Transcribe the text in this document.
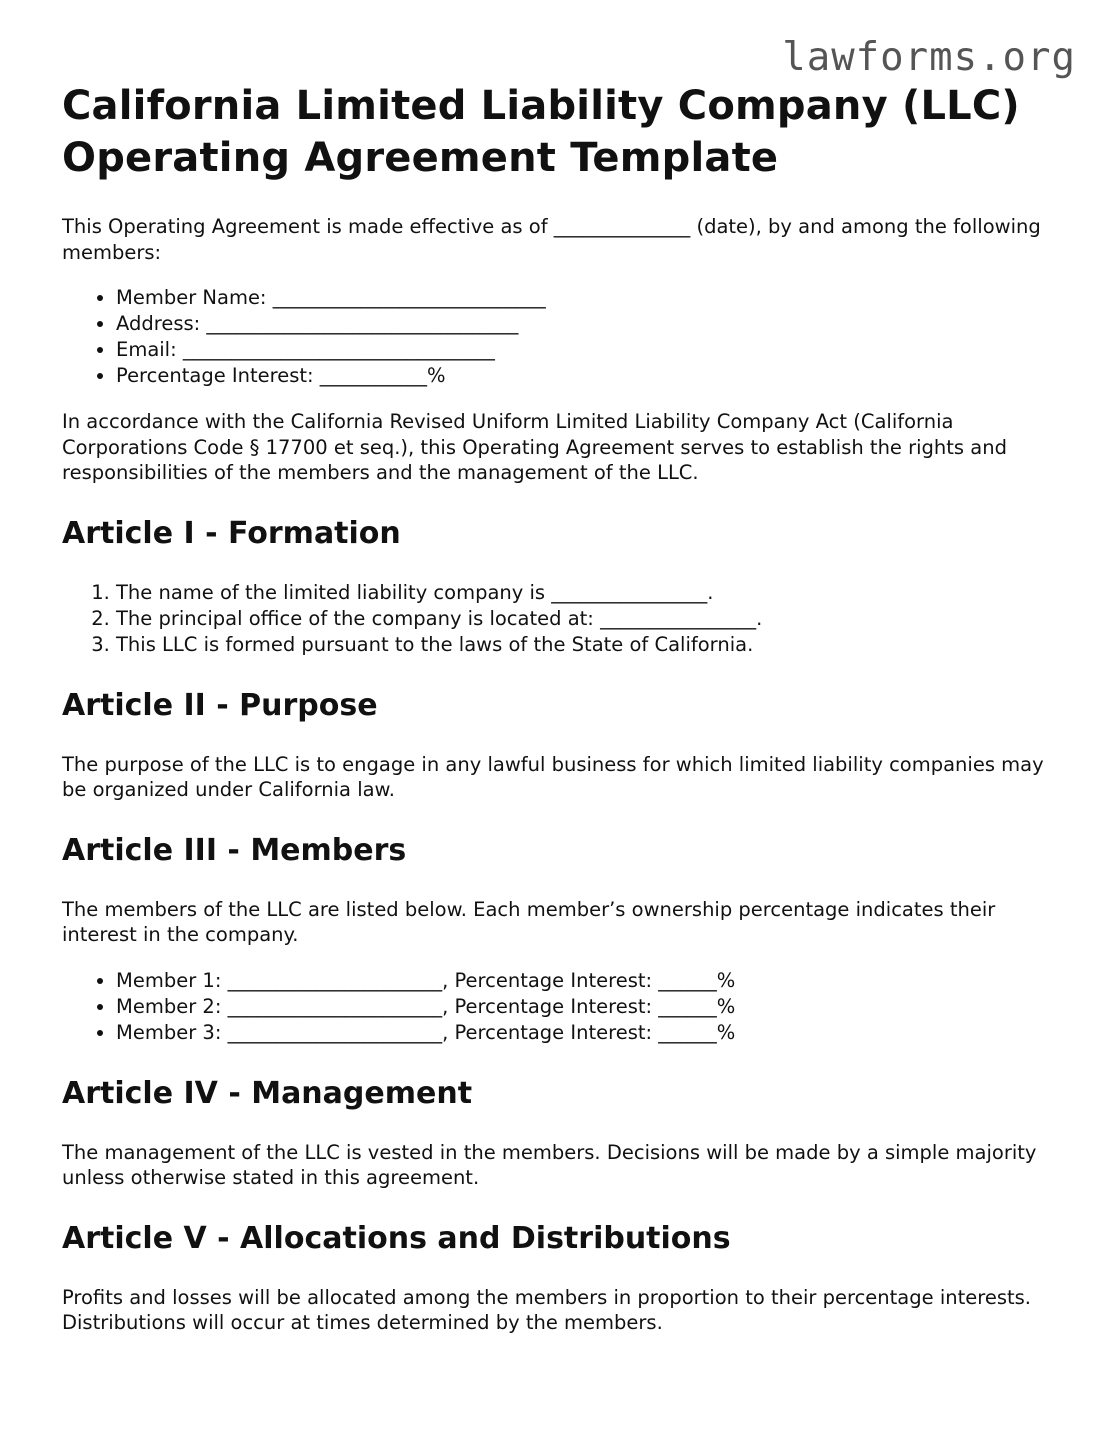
lawforms.org
California Limited Liability Company (LLC) Operating Agreement Template

This Operating Agreement is made effective as of ______________ (date), by and among the following members:

• Member Name: ____________________________
• Address: ________________________________
• Email: ________________________________
• Percentage Interest: ___________%

In accordance with the California Revised Uniform Limited Liability Company Act (California Corporations Code § 17700 et seq.), this Operating Agreement serves to establish the rights and responsibilities of the members and the management of the LLC.

Article I - Formation
1. The name of the limited liability company is ________________.
2. The principal office of the company is located at: ________________.
3. This LLC is formed pursuant to the laws of the State of California.
Article II - Purpose

The purpose of the LLC is to engage in any lawful business for which limited liability companies may be organized under California law.

Article III - Members

The members of the LLC are listed below. Each member’s ownership percentage indicates their interest in the company.

• Member 1: ______________________, Percentage Interest: ______%
• Member 2: ______________________, Percentage Interest: ______%
• Member 3: ______________________, Percentage Interest: ______%
Article IV - Management

The management of the LLC is vested in the members. Decisions will be made by a simple majority unless otherwise stated in this agreement.

Article V - Allocations and Distributions

Profits and losses will be allocated among the members in proportion to their percentage interests. Distributions will occur at times determined by the members.
